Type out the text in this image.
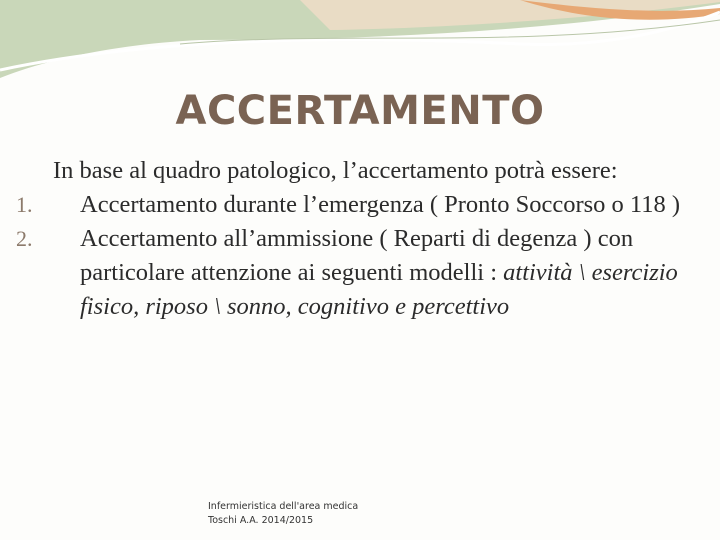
ACCERTAMENTO
In base al quadro patologico, l’accertamento potrà essere:
1.	Accertamento durante l’emergenza ( Pronto Soccorso o 118 )
2.	Accertamento all’ammissione ( Reparti di degenza ) con particolare attenzione ai seguenti modelli : attività \ esercizio fisico, riposo \ sonno, cognitivo e percettivo
Infermieristica dell'area medica
Toschi A.A. 2014/2015
